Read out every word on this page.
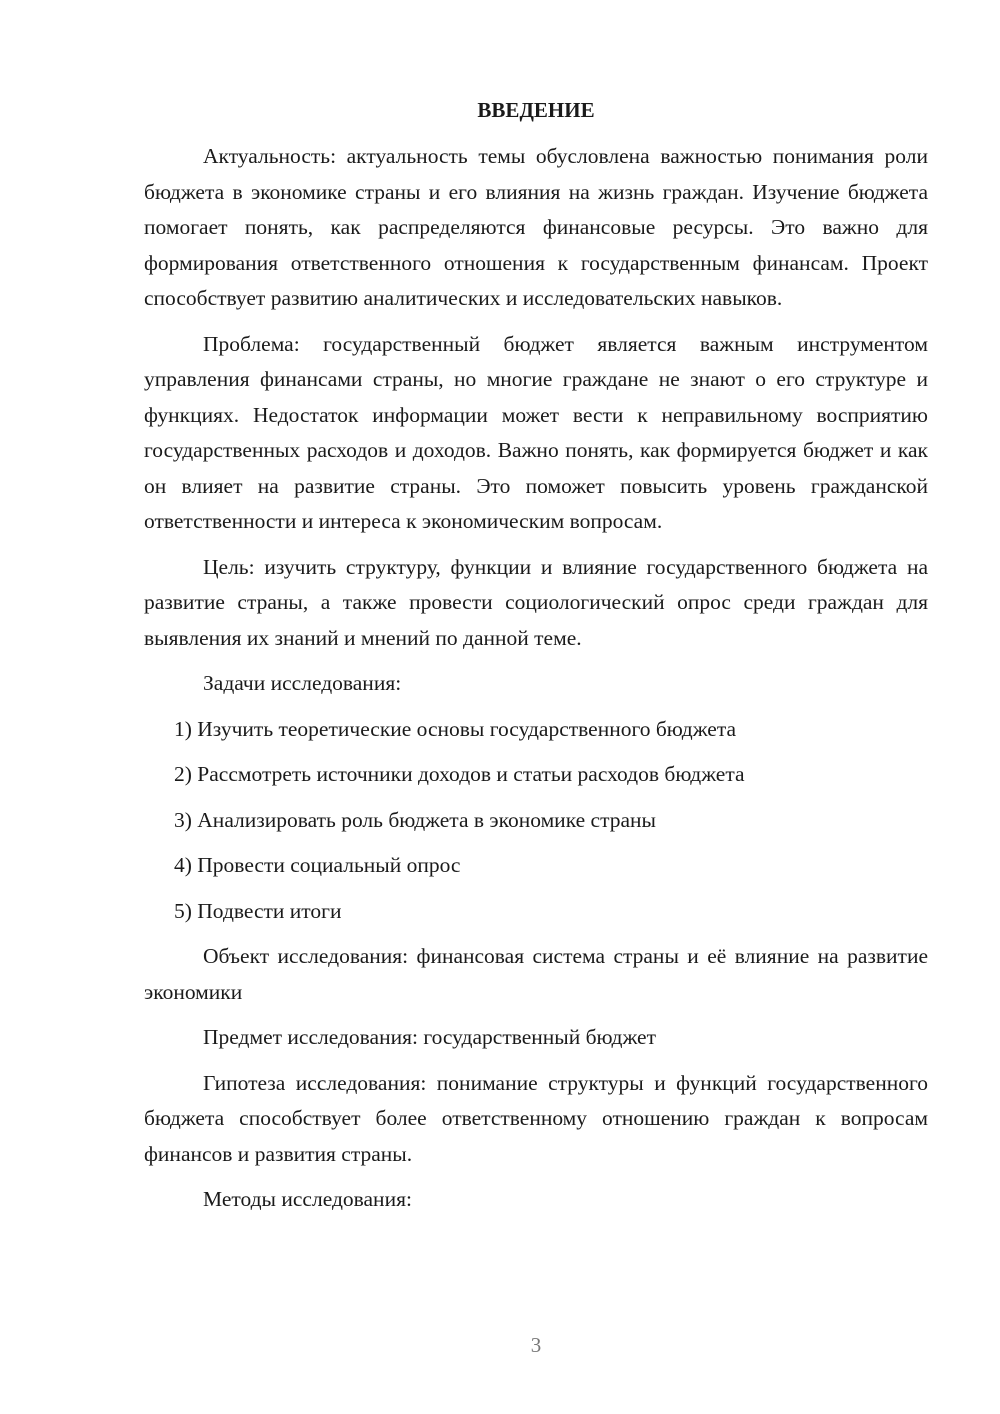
ВВЕДЕНИЕ

Актуальность: актуальность темы обусловлена важностью понимания роли бюджета в экономике страны и его влияния на жизнь граждан. Изучение бюджета помогает понять, как распределяются финансовые ресурсы. Это важно для формирования ответственного отношения к государственным финансам. Проект способствует развитию аналитических и исследовательских навыков.

Проблема: государственный бюджет является важным инструментом управления финансами страны, но многие граждане не знают о его структуре и функциях. Недостаток информации может вести к неправильному восприятию государственных расходов и доходов. Важно понять, как формируется бюджет и как он влияет на развитие страны. Это поможет повысить уровень гражданской ответственности и интереса к экономическим вопросам.

Цель: изучить структуру, функции и влияние государственного бюджета на развитие страны, а также провести социологический опрос среди граждан для выявления их знаний и мнений по данной теме.

Задачи исследования:

1) Изучить теоретические основы государственного бюджета
2) Рассмотреть источники доходов и статьи расходов бюджета
3) Анализировать роль бюджета в экономике страны
4) Провести социальный опрос
5) Подвести итоги

Объект исследования: финансовая система страны и её влияние на развитие экономики

Предмет исследования: государственный бюджет

Гипотеза исследования: понимание структуры и функций государственного бюджета способствует более ответственному отношению граждан к вопросам финансов и развития страны.

Методы исследования:

3
